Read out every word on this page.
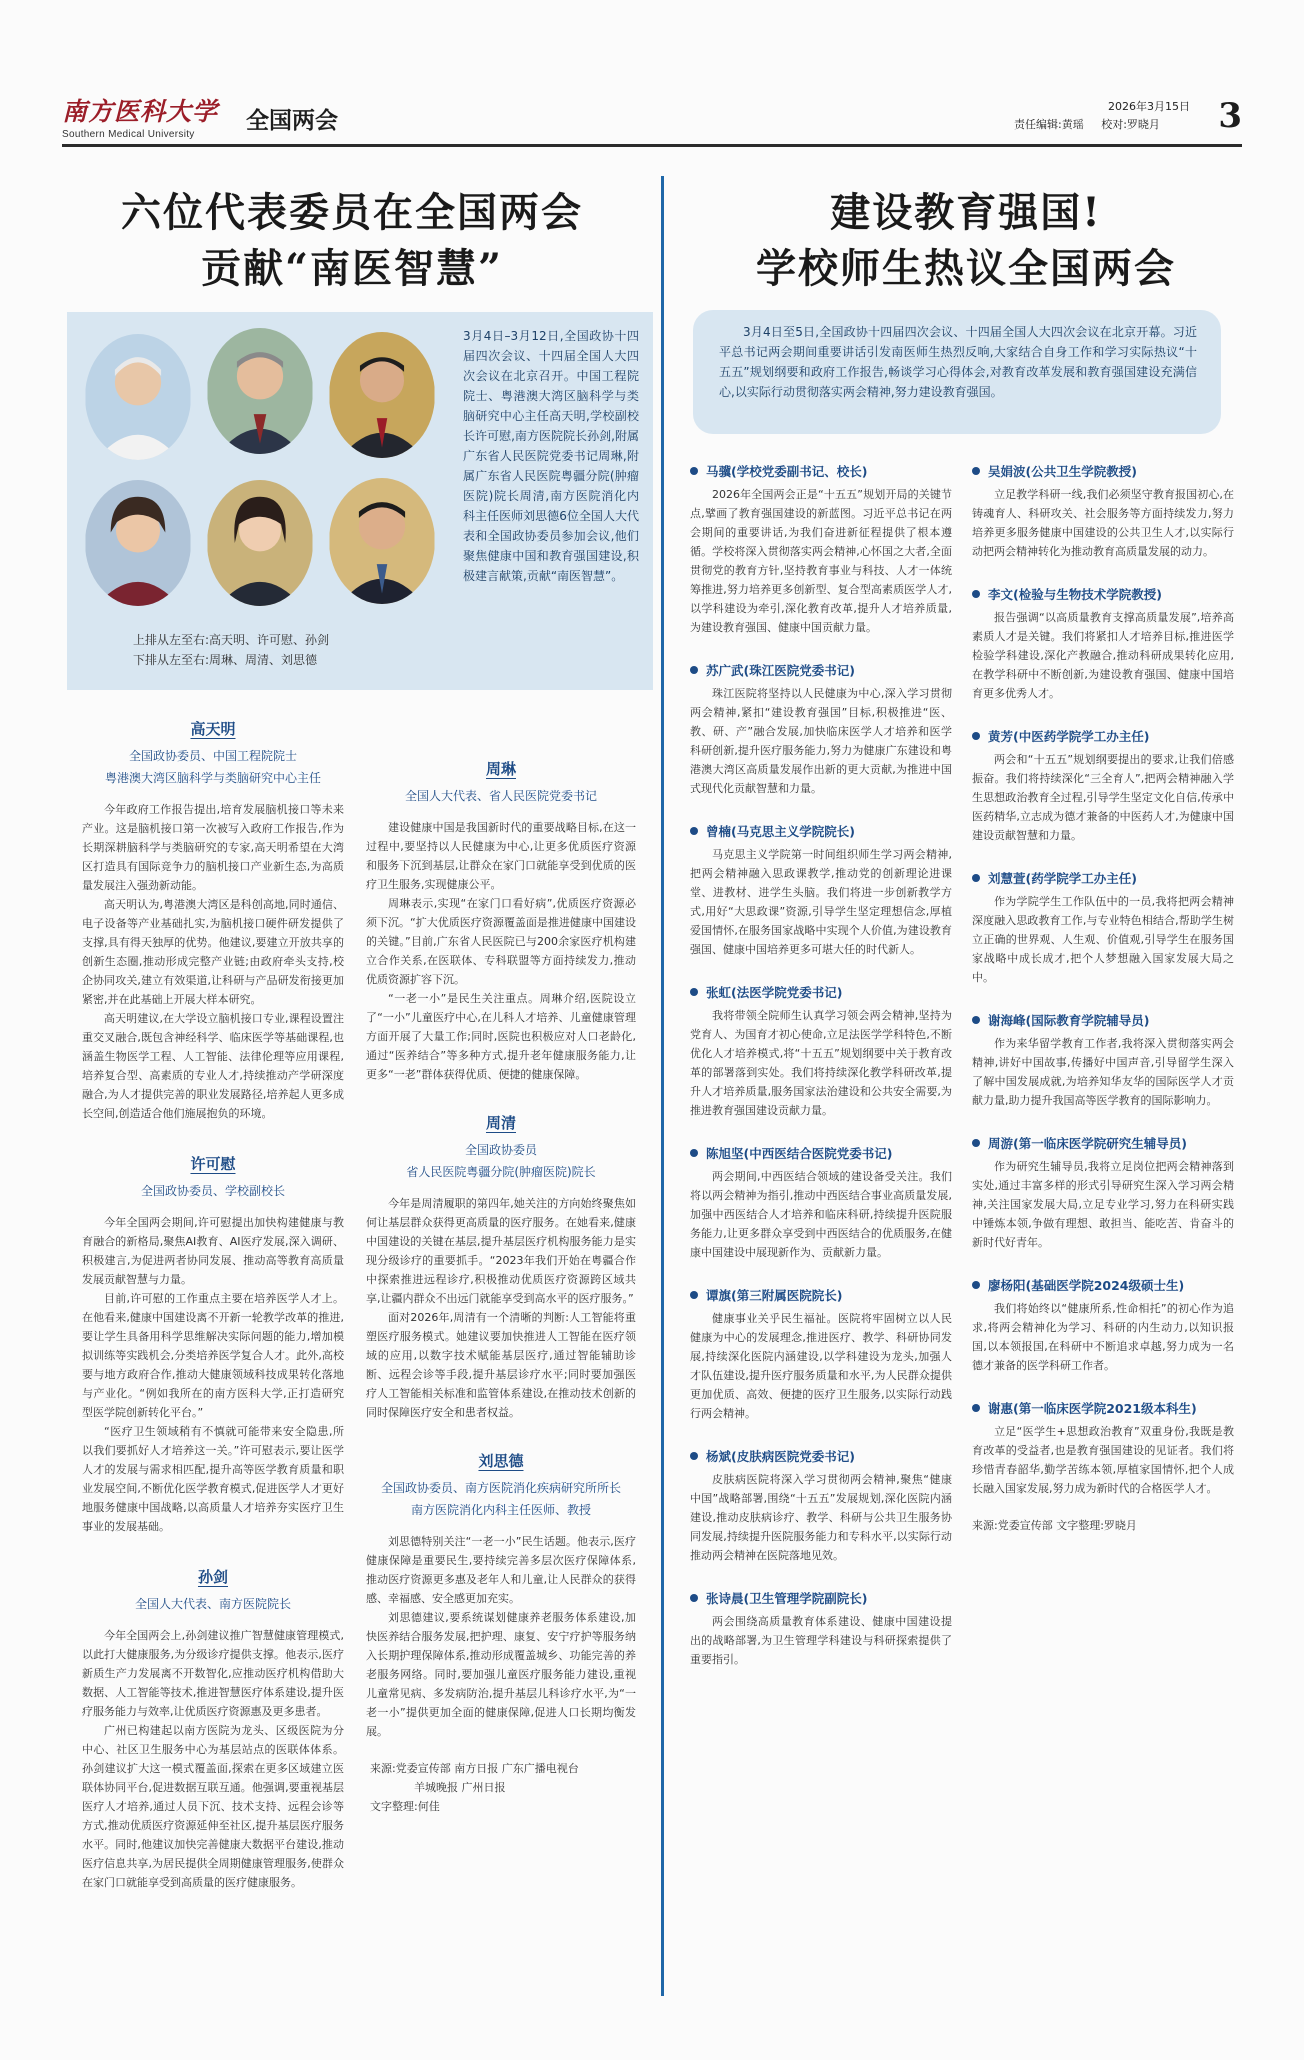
南方医科大学
Southern Medical University
全国两会
2026年3月15日
责任编辑:黄瑶 校对:罗晓月	3
六位代表委员在全国两会
贡献“南医智慧”
建设教育强国!
学校师生热议全国两会
上排从左至右:高天明、许可慰、孙剑
下排从左至右:周琳、周清、刘思德
3月4日–3月12日,全国政协十四届四次会议、十四届全国人大四次会议在北京召开。中国工程院院士、粤港澳大湾区脑科学与类脑研究中心主任高天明,学校副校长许可慰,南方医院院长孙剑,附属广东省人民医院党委书记周琳,附属广东省人民医院粤疆分院(肿瘤医院)院长周清,南方医院消化内科主任医师刘思德6位全国人大代表和全国政协委员参加会议,他们聚焦健康中国和教育强国建设,积极建言献策,贡献“南医智慧”。

3月4日至5日,全国政协十四届四次会议、十四届全国人大四次会议在北京开幕。习近平总书记两会期间重要讲话引发南医师生热烈反响,大家结合自身工作和学习实际热议“十五五”规划纲要和政府工作报告,畅谈学习心得体会,对教育改革发展和教育强国建设充满信心,以实际行动贯彻落实两会精神,努力建设教育强国。

高天明
全国政协委员、中国工程院院士
粤港澳大湾区脑科学与类脑研究中心主任

今年政府工作报告提出,培育发展脑机接口等未来产业。这是脑机接口第一次被写入政府工作报告,作为长期深耕脑科学与类脑研究的专家,高天明希望在大湾区打造具有国际竞争力的脑机接口产业新生态,为高质量发展注入强劲新动能。

高天明认为,粤港澳大湾区是科创高地,同时通信、电子设备等产业基础扎实,为脑机接口硬件研发提供了支撑,具有得天独厚的优势。他建议,要建立开放共享的创新生态圈,推动形成完整产业链;由政府牵头支持,校企协同攻关,建立有效渠道,让科研与产品研发衔接更加紧密,并在此基础上开展大样本研究。

高天明建议,在大学设立脑机接口专业,课程设置注重交叉融合,既包含神经科学、临床医学等基础课程,也涵盖生物医学工程、人工智能、法律伦理等应用课程,培养复合型、高素质的专业人才,持续推动产学研深度融合,为人才提供完善的职业发展路径,培养起人更多成长空间,创造适合他们施展抱负的环境。

许可慰
全国政协委员、学校副校长

今年全国两会期间,许可慰提出加快构建健康与教育融合的新格局,聚焦AI教育、AI医疗发展,深入调研、积极建言,为促进两者协同发展、推动高等教育高质量发展贡献智慧与力量。

目前,许可慰的工作重点主要在培养医学人才上。在他看来,健康中国建设离不开新一轮教学改革的推进,要让学生具备用科学思维解决实际问题的能力,增加模拟训练等实践机会,分类培养医学复合人才。此外,高校要与地方政府合作,推动大健康领域科技成果转化落地与产业化。“例如我所在的南方医科大学,正打造研究型医学院创新转化平台。”

“医疗卫生领域稍有不慎就可能带来安全隐患,所以我们要抓好人才培养这一关。”许可慰表示,要让医学人才的发展与需求相匹配,提升高等医学教育质量和职业发展空间,不断优化医学教育模式,促进医学人才更好地服务健康中国战略,以高质量人才培养夯实医疗卫生事业的发展基础。

孙剑
全国人大代表、南方医院院长

今年全国两会上,孙剑建议推广智慧健康管理模式,以此打大健康服务,为分级诊疗提供支撑。他表示,医疗新质生产力发展离不开数智化,应推动医疗机构借助大数据、人工智能等技术,推进智慧医疗体系建设,提升医疗服务能力与效率,让优质医疗资源惠及更多患者。

广州已构建起以南方医院为龙头、区级医院为分中心、社区卫生服务中心为基层站点的医联体体系。孙剑建议扩大这一模式覆盖面,探索在更多区域建立医联体协同平台,促进数据互联互通。他强调,要重视基层医疗人才培养,通过人员下沉、技术支持、远程会诊等方式,推动优质医疗资源延伸至社区,提升基层医疗服务水平。同时,他建议加快完善健康大数据平台建设,推动医疗信息共享,为居民提供全周期健康管理服务,使群众在家门口就能享受到高质量的医疗健康服务。

周琳
全国人大代表、省人民医院党委书记

建设健康中国是我国新时代的重要战略目标,在这一过程中,要坚持以人民健康为中心,让更多优质医疗资源和服务下沉到基层,让群众在家门口就能享受到优质的医疗卫生服务,实现健康公平。

周琳表示,实现“在家门口看好病”,优质医疗资源必须下沉。“扩大优质医疗资源覆盖面是推进健康中国建设的关键。”目前,广东省人民医院已与200余家医疗机构建立合作关系,在医联体、专科联盟等方面持续发力,推动优质资源扩容下沉。

“一老一小”是民生关注重点。周琳介绍,医院设立了“一小”儿童医疗中心,在儿科人才培养、儿童健康管理方面开展了大量工作;同时,医院也积极应对人口老龄化,通过“医养结合”等多种方式,提升老年健康服务能力,让更多“一老”群体获得优质、便捷的健康保障。

周清
全国政协委员
省人民医院粤疆分院(肿瘤医院)院长

今年是周清履职的第四年,她关注的方向始终聚焦如何让基层群众获得更高质量的医疗服务。在她看来,健康中国建设的关键在基层,提升基层医疗机构服务能力是实现分级诊疗的重要抓手。“2023年我们开始在粤疆合作中探索推进远程诊疗,积极推动优质医疗资源跨区域共享,让疆内群众不出远门就能享受到高水平的医疗服务。”

面对2026年,周清有一个清晰的判断:人工智能将重塑医疗服务模式。她建议要加快推进人工智能在医疗领域的应用,以数字技术赋能基层医疗,通过智能辅助诊断、远程会诊等手段,提升基层诊疗水平;同时要加强医疗人工智能相关标准和监管体系建设,在推动技术创新的同时保障医疗安全和患者权益。

刘思德
全国政协委员、南方医院消化疾病研究所所长
南方医院消化内科主任医师、教授

刘思德特别关注“一老一小”民生话题。他表示,医疗健康保障是重要民生,要持续完善多层次医疗保障体系,推动医疗资源更多惠及老年人和儿童,让人民群众的获得感、幸福感、安全感更加充实。

刘思德建议,要系统谋划健康养老服务体系建设,加快医养结合服务发展,把护理、康复、安宁疗护等服务纳入长期护理保障体系,推动形成覆盖城乡、功能完善的养老服务网络。同时,要加强儿童医疗服务能力建设,重视儿童常见病、多发病防治,提升基层儿科诊疗水平,为“一老一小”提供更加全面的健康保障,促进人口长期均衡发展。

来源:党委宣传部 南方日报 广东广播电视台
羊城晚报 广州日报
文字整理:何佳
马骥(学校党委副书记、校长)
2026年全国两会正是“十五五”规划开局的关键节点,擘画了教育强国建设的新蓝图。习近平总书记在两会期间的重要讲话,为我们奋进新征程提供了根本遵循。学校将深入贯彻落实两会精神,心怀国之大者,全面贯彻党的教育方针,坚持教育事业与科技、人才一体统筹推进,努力培养更多创新型、复合型高素质医学人才,以学科建设为牵引,深化教育改革,提升人才培养质量,为建设教育强国、健康中国贡献力量。
苏广武(珠江医院党委书记)
珠江医院将坚持以人民健康为中心,深入学习贯彻两会精神,紧扣“建设教育强国”目标,积极推进“医、教、研、产”融合发展,加快临床医学人才培养和医学科研创新,提升医疗服务能力,努力为健康广东建设和粤港澳大湾区高质量发展作出新的更大贡献,为推进中国式现代化贡献智慧和力量。
曾楠(马克思主义学院院长)
马克思主义学院第一时间组织师生学习两会精神,把两会精神融入思政课教学,推动党的创新理论进课堂、进教材、进学生头脑。我们将进一步创新教学方式,用好“大思政课”资源,引导学生坚定理想信念,厚植爱国情怀,在服务国家战略中实现个人价值,为建设教育强国、健康中国培养更多可堪大任的时代新人。
张虹(法医学院党委书记)
我将带领全院师生认真学习领会两会精神,坚持为党育人、为国育才初心使命,立足法医学学科特色,不断优化人才培养模式,将“十五五”规划纲要中关于教育改革的部署落到实处。我们将持续深化教学科研改革,提升人才培养质量,服务国家法治建设和公共安全需要,为推进教育强国建设贡献力量。
陈旭坚(中西医结合医院党委书记)
两会期间,中西医结合领域的建设备受关注。我们将以两会精神为指引,推动中西医结合事业高质量发展,加强中西医结合人才培养和临床科研,持续提升医院服务能力,让更多群众享受到中西医结合的优质服务,在健康中国建设中展现新作为、贡献新力量。
谭旗(第三附属医院院长)
健康事业关乎民生福祉。医院将牢固树立以人民健康为中心的发展理念,推进医疗、教学、科研协同发展,持续深化医院内涵建设,以学科建设为龙头,加强人才队伍建设,提升医疗服务质量和水平,为人民群众提供更加优质、高效、便捷的医疗卫生服务,以实际行动践行两会精神。
杨斌(皮肤病医院党委书记)
皮肤病医院将深入学习贯彻两会精神,聚焦“健康中国”战略部署,围绕“十五五”发展规划,深化医院内涵建设,推动皮肤病诊疗、教学、科研与公共卫生服务协同发展,持续提升医院服务能力和专科水平,以实际行动推动两会精神在医院落地见效。
张诗晨(卫生管理学院副院长)
两会围绕高质量教育体系建设、健康中国建设提出的战略部署,为卫生管理学科建设与科研探索提供了重要指引。
吴娟波(公共卫生学院教授)
立足教学科研一线,我们必须坚守教育报国初心,在铸魂育人、科研攻关、社会服务等方面持续发力,努力培养更多服务健康中国建设的公共卫生人才,以实际行动把两会精神转化为推动教育高质量发展的动力。
李文(检验与生物技术学院教授)
报告强调“以高质量教育支撑高质量发展”,培养高素质人才是关键。我们将紧扣人才培养目标,推进医学检验学科建设,深化产教融合,推动科研成果转化应用,在教学科研中不断创新,为建设教育强国、健康中国培育更多优秀人才。
黄芳(中医药学院学工办主任)
两会和“十五五”规划纲要提出的要求,让我们倍感振奋。我们将持续深化“三全育人”,把两会精神融入学生思想政治教育全过程,引导学生坚定文化自信,传承中医药精华,立志成为德才兼备的中医药人才,为健康中国建设贡献智慧和力量。
刘慧萱(药学院学工办主任)
作为学院学生工作队伍中的一员,我将把两会精神深度融入思政教育工作,与专业特色相结合,帮助学生树立正确的世界观、人生观、价值观,引导学生在服务国家战略中成长成才,把个人梦想融入国家发展大局之中。
谢海峰(国际教育学院辅导员)
作为来华留学教育工作者,我将深入贯彻落实两会精神,讲好中国故事,传播好中国声音,引导留学生深入了解中国发展成就,为培养知华友华的国际医学人才贡献力量,助力提升我国高等医学教育的国际影响力。
周游(第一临床医学院研究生辅导员)
作为研究生辅导员,我将立足岗位把两会精神落到实处,通过丰富多样的形式引导研究生深入学习两会精神,关注国家发展大局,立足专业学习,努力在科研实践中锤炼本领,争做有理想、敢担当、能吃苦、肯奋斗的新时代好青年。
廖杨阳(基础医学院2024级硕士生)
我们将始终以“健康所系,性命相托”的初心作为追求,将两会精神化为学习、科研的内生动力,以知识报国,以本领报国,在科研中不断追求卓越,努力成为一名德才兼备的医学科研工作者。
谢惠(第一临床医学院2021级本科生)
立足“医学生+思想政治教育”双重身份,我既是教育改革的受益者,也是教育强国建设的见证者。我们将珍惜青春韶华,勤学苦练本领,厚植家国情怀,把个人成长融入国家发展,努力成为新时代的合格医学人才。
来源:党委宣传部 文字整理:罗晓月
